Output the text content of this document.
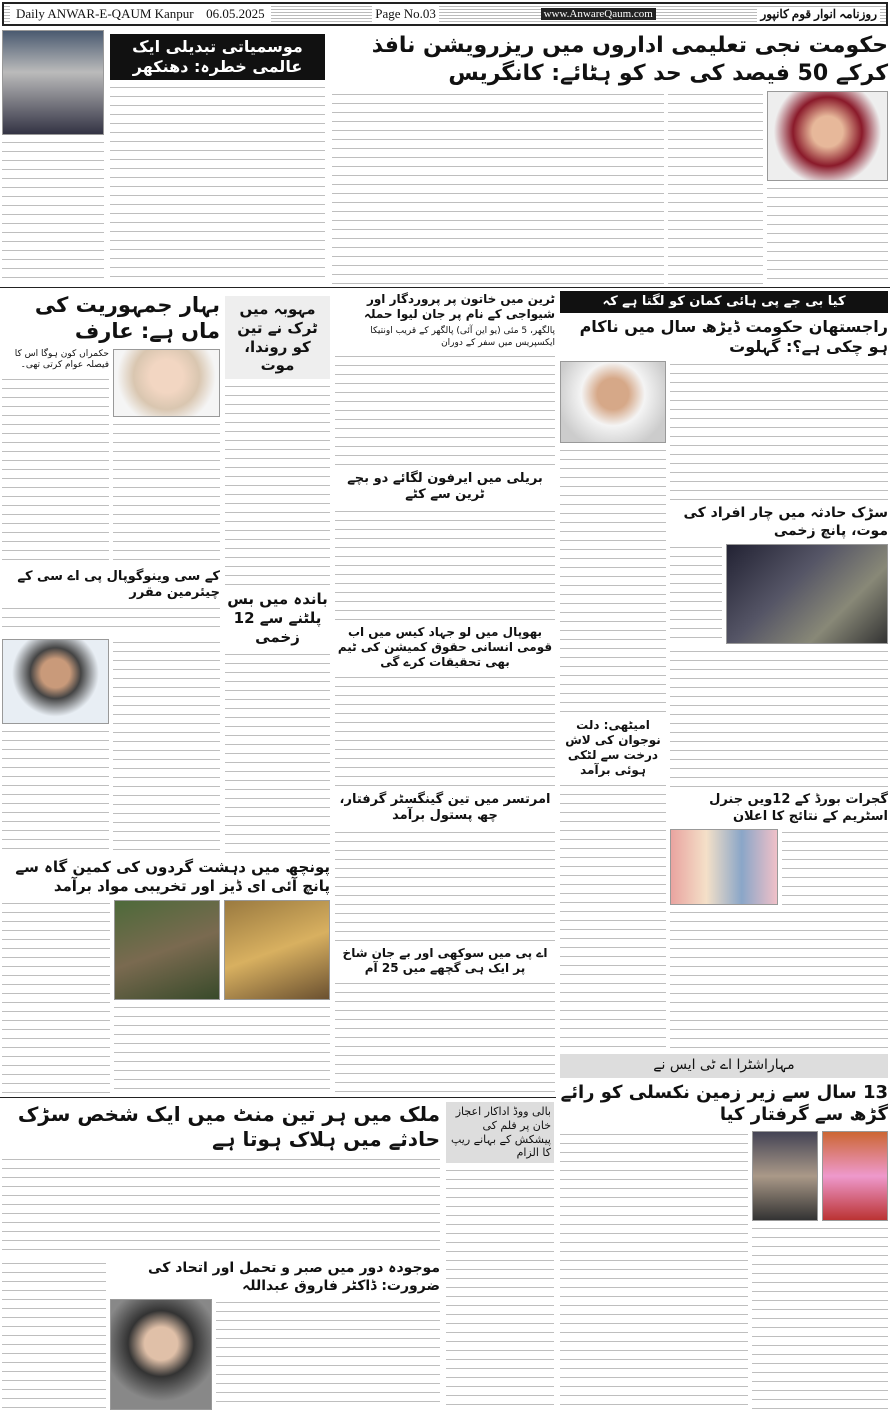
Daily ANWAR-E-QAUM Kanpur 06.05.2025	Page No.03	www.AnwareQaum.com	روزنامہ انوار قوم کانپور
موسمیاتی تبدیلی ایک عالمی خطرہ: دھنکھر
حکومت نجی تعلیمی اداروں میں ریزرویشن نافذ کرکے 50 فیصد کی حد کو ہٹائے: کانگریس
بہار جمہوریت کی ماں ہے: عارف
حکمراں کون ہوگا اس کا فیصلہ عوام کرتی تھی۔
کے سی وینوگوپال پی اے سی کے چیئرمین مقرر
مہوبہ میں ٹرک نے تین کو روندا، موت
باندہ میں بس پلٹنے سے 12 زخمی
ٹرین میں خاتون پر پروردگار اور شیواجی کے نام پر جان لیوا حملہ
پالگھر، 5 مئی (یو این آئی) پالگھر کے قریب اونتیکا ایکسپریس میں سفر کے دوران
بریلی میں ایرفون لگائے دو بچے ٹرین سے کٹے
بھوپال میں لو جہاد کیس میں اب قومی انسانی حقوق کمیشن کی ٹیم بھی تحقیقات کرے گی
امرتسر میں تین گینگسٹر گرفتار، چھ پستول برآمد
اے پی میں سوکھی اور بے جان شاخ پر ایک ہی گچھے میں 25 آم
کیا بی جے پی ہائی کمان کو لگتا ہے کہ
راجستھان حکومت ڈیڑھ سال میں ناکام ہو چکی ہے؟: گہلوت
امیٹھی: دلت نوجوان کی لاش درخت سے لٹکی ہوئی برآمد
سڑک حادثہ میں چار افراد کی موت، پانچ زخمی
گجرات بورڈ کے 12ویں جنرل اسٹریم کے نتائج کا اعلان
پونچھ میں دہشت گردوں کی کمین گاہ سے پانچ آئی ای ڈیز اور تخریبی مواد برآمد
مہاراشٹرا اے ٹی ایس نے
13 سال سے زیر زمین نکسلی کو رائے گڑھ سے گرفتار کیا
ملک میں ہر تین منٹ میں ایک شخص سڑک حادثے میں ہلاک ہوتا ہے
موجودہ دور میں صبر و تحمل اور اتحاد کی ضرورت: ڈاکٹر فاروق عبداللہ
بالی ووڈ اداکار اعجاز خان پر فلم کی پیشکش کے بہانے ریپ کا الزام
